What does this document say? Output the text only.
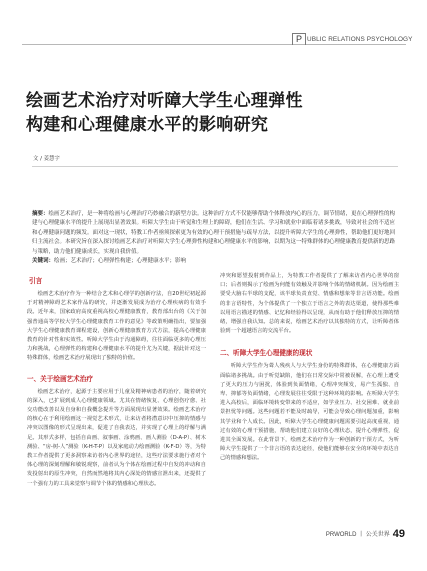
P UBLIC RELATIONS PSYCHOLOGY
绘画艺术治疗对听障大学生心理弹性
构建和心理健康水平的影响研究
文 / 姜慧宇
摘要：绘画艺术治疗，是一种将绘画与心理治疗巧妙融合的新型方法。这种治疗方式不仅能够帮助个体释放内心的压力，调节情绪，更在心理弹性的构建与心理健康水平的提升上展现出显著效果。听障大学生由于听觉和生理上的障碍，他们在生活、学习和就业中面临着诸多挑战，导致对社会的不适应和心理健康问题的频发。面对这一现状，特教工作者亟须探索更为有效的心理干预措施与疏导方法，以提升听障大学生的心理弹性，帮助他们更好地回归主流社会。本研究旨在深入探讨绘画艺术治疗对听障大学生心理弹性构建和心理健康水平的影响，以期为这一特殊群体的心理健康教育提供新的思路与策略，助力他们健康成长，实现自我价值。
关键词：绘画；艺术治疗；心理弹性构建；心理健康水平；影响
引言

绘画艺术治疗作为一种结合艺术和心理学的创新疗法，自20世纪初起源于对精神障碍艺术家作品的研究，并逐渐发展成为治疗心理疾病的有效手段。近年来，国家政府高度重视高校心理健康教育，教育部出台的《关于加强普通高等学校大学生心理健康教育工作的意见》等政策明确指出，要加强大学生心理健康教育课程建设，创新心理健康教育方式方法，提高心理健康教育的针对性和实效性。听障大学生由于沟通障碍，往往面临更多的心理压力和挑战，心理弹性的构建和心理健康水平的提升尤为关键，据此针对这一特殊群体，绘画艺术治疗展现出了独特的价值。

一、关于绘画艺术治疗

绘画艺术治疗，起源于主要应用于儿童及精神病患者的治疗，随着研究的深入，已扩展到成人心理健康领域。尤其在情绪恢复、心理创伤疗愈、社交功能改善以及自身和自我概念提升等方面展现出显著效果。绘画艺术治疗的核心在于利用绘画这一视觉艺术形式，让来访者将潜意识中压抑的情感与冲突以图像的形式呈现出来，促进了自我表达，并实现了心理上的纾解与满足。其形式多样，包括自由画、叙事画、涂鸦画、画人测验（D-A-P）、树木测验、“房-树-人”测验（K-H-T-P）以及家庭动力绘画测验（K-F-D）等，为特教工作者提供了更多洞察来访者内心世界的途径，这些疗法要求施行者对个体心理的深刻理解和敏锐观察，前者认为个体在绘画过程中自发的冲动和自发投射出的原生冲突，自然而然地将其内心深处的情感宣泄出来，还提供了一个强有力的工具来觉察与调节个体的情感和心理状态。

冲突和愿望投射到作品上，为特教工作者提供了了解来访者内心世界的窗口；后者则揭示了绘画为何能有效触及并影响个体的情绪机制。因为绘画主要受大脑右半球的支配，该半球负责直觉、情感和想象等非言语功能。绘画的非言语特性，为个体提供了一个独立于语言之外的表达渠道，使得那些难以用语言描述的情感、记忆和经验得以呈现，从而有助于他们释放压抑的情绪，增强自我认知。总的来说，绘画艺术治疗以其独特的方式，让听障者体验到一个超越语言的交流平台。

二、听障大学生心理健康的现状

听障大学生作为聋人残疾人与大学生身份的特殊群体，在心理健康方面面临诸多挑战。由于听觉缺陷，他们在日常交际中常被误解，在心理上遭受了更大的压力与困扰，体验到负面情绪，心理冲突频发，易产生孤独、自卑、抑郁等负面情绪，心理发展往往受限于这种环境的影响。在听障大学生进入高校后，面临环境转变带来的不适应，如学业压力、社交困难、就业前景担忧等问题。这些问题若不能及时疏导，可能会导致心理问题加重，影响其学业和个人成长。因此，听障大学生心理健康问题需要引起高度重视，通过有效的心理干预措施，帮助他们建立良好的心理状态，提升心理弹性，促进其全面发展。在此背景下，绘画艺术治疗作为一种创新的干预方式，为听障大学生提供了一个非言语的表达途径，使他们能够在安全的环境中表达自己的情感和想法。

PRWORLD 丨 公关世界 49
